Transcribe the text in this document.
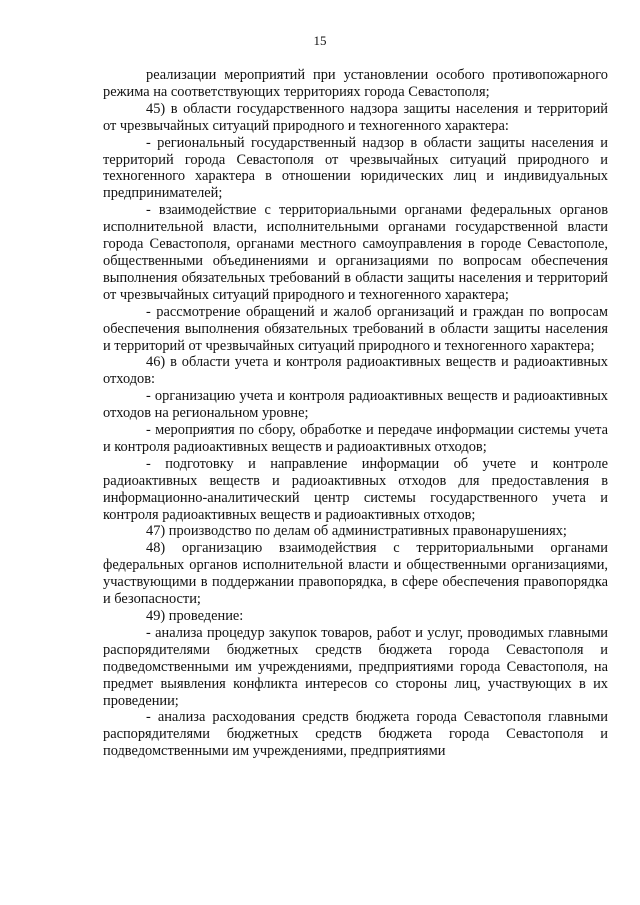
15

реализации мероприятий при установлении особого противопожарного режима на соответствующих территориях города Севастополя;

45) в области государственного надзора защиты населения и территорий от чрезвычайных ситуаций природного и техногенного характера:

- региональный государственный надзор в области защиты населения и территорий города Севастополя от чрезвычайных ситуаций природного и техногенного характера в отношении юридических лиц и индивидуальных предпринимателей;

- взаимодействие с территориальными органами федеральных органов исполнительной власти, исполнительными органами государственной власти города Севастополя, органами местного самоуправления в городе Севастополе, общественными объединениями и организациями по вопросам обеспечения выполнения обязательных требований в области защиты населения и территорий от чрезвычайных ситуаций природного и техногенного характера;

- рассмотрение обращений и жалоб организаций и граждан по вопросам обеспечения выполнения обязательных требований в области защиты населения и территорий от чрезвычайных ситуаций природного и техногенного характера;

46) в области учета и контроля радиоактивных веществ и радиоактивных отходов:

- организацию учета и контроля радиоактивных веществ и радиоактивных отходов на региональном уровне;

- мероприятия по сбору, обработке и передаче информации системы учета и контроля радиоактивных веществ и радиоактивных отходов;

- подготовку и направление информации об учете и контроле радиоактивных веществ и радиоактивных отходов для предоставления в информационно-аналитический центр системы государственного учета и контроля радиоактивных веществ и радиоактивных отходов;

47) производство по делам об административных правонарушениях;

48) организацию взаимодействия с территориальными органами федеральных органов исполнительной власти и общественными организациями, участвующими в поддержании правопорядка, в сфере обеспечения правопорядка и безопасности;

49) проведение:

- анализа процедур закупок товаров, работ и услуг, проводимых главными распорядителями бюджетных средств бюджета города Севастополя и подведомственными им учреждениями, предприятиями города Севастополя, на предмет выявления конфликта интересов со стороны лиц, участвующих в их проведении;

- анализа расходования средств бюджета города Севастополя главными распорядителями бюджетных средств бюджета города Севастополя и подведомственными им учреждениями, предприятиями
